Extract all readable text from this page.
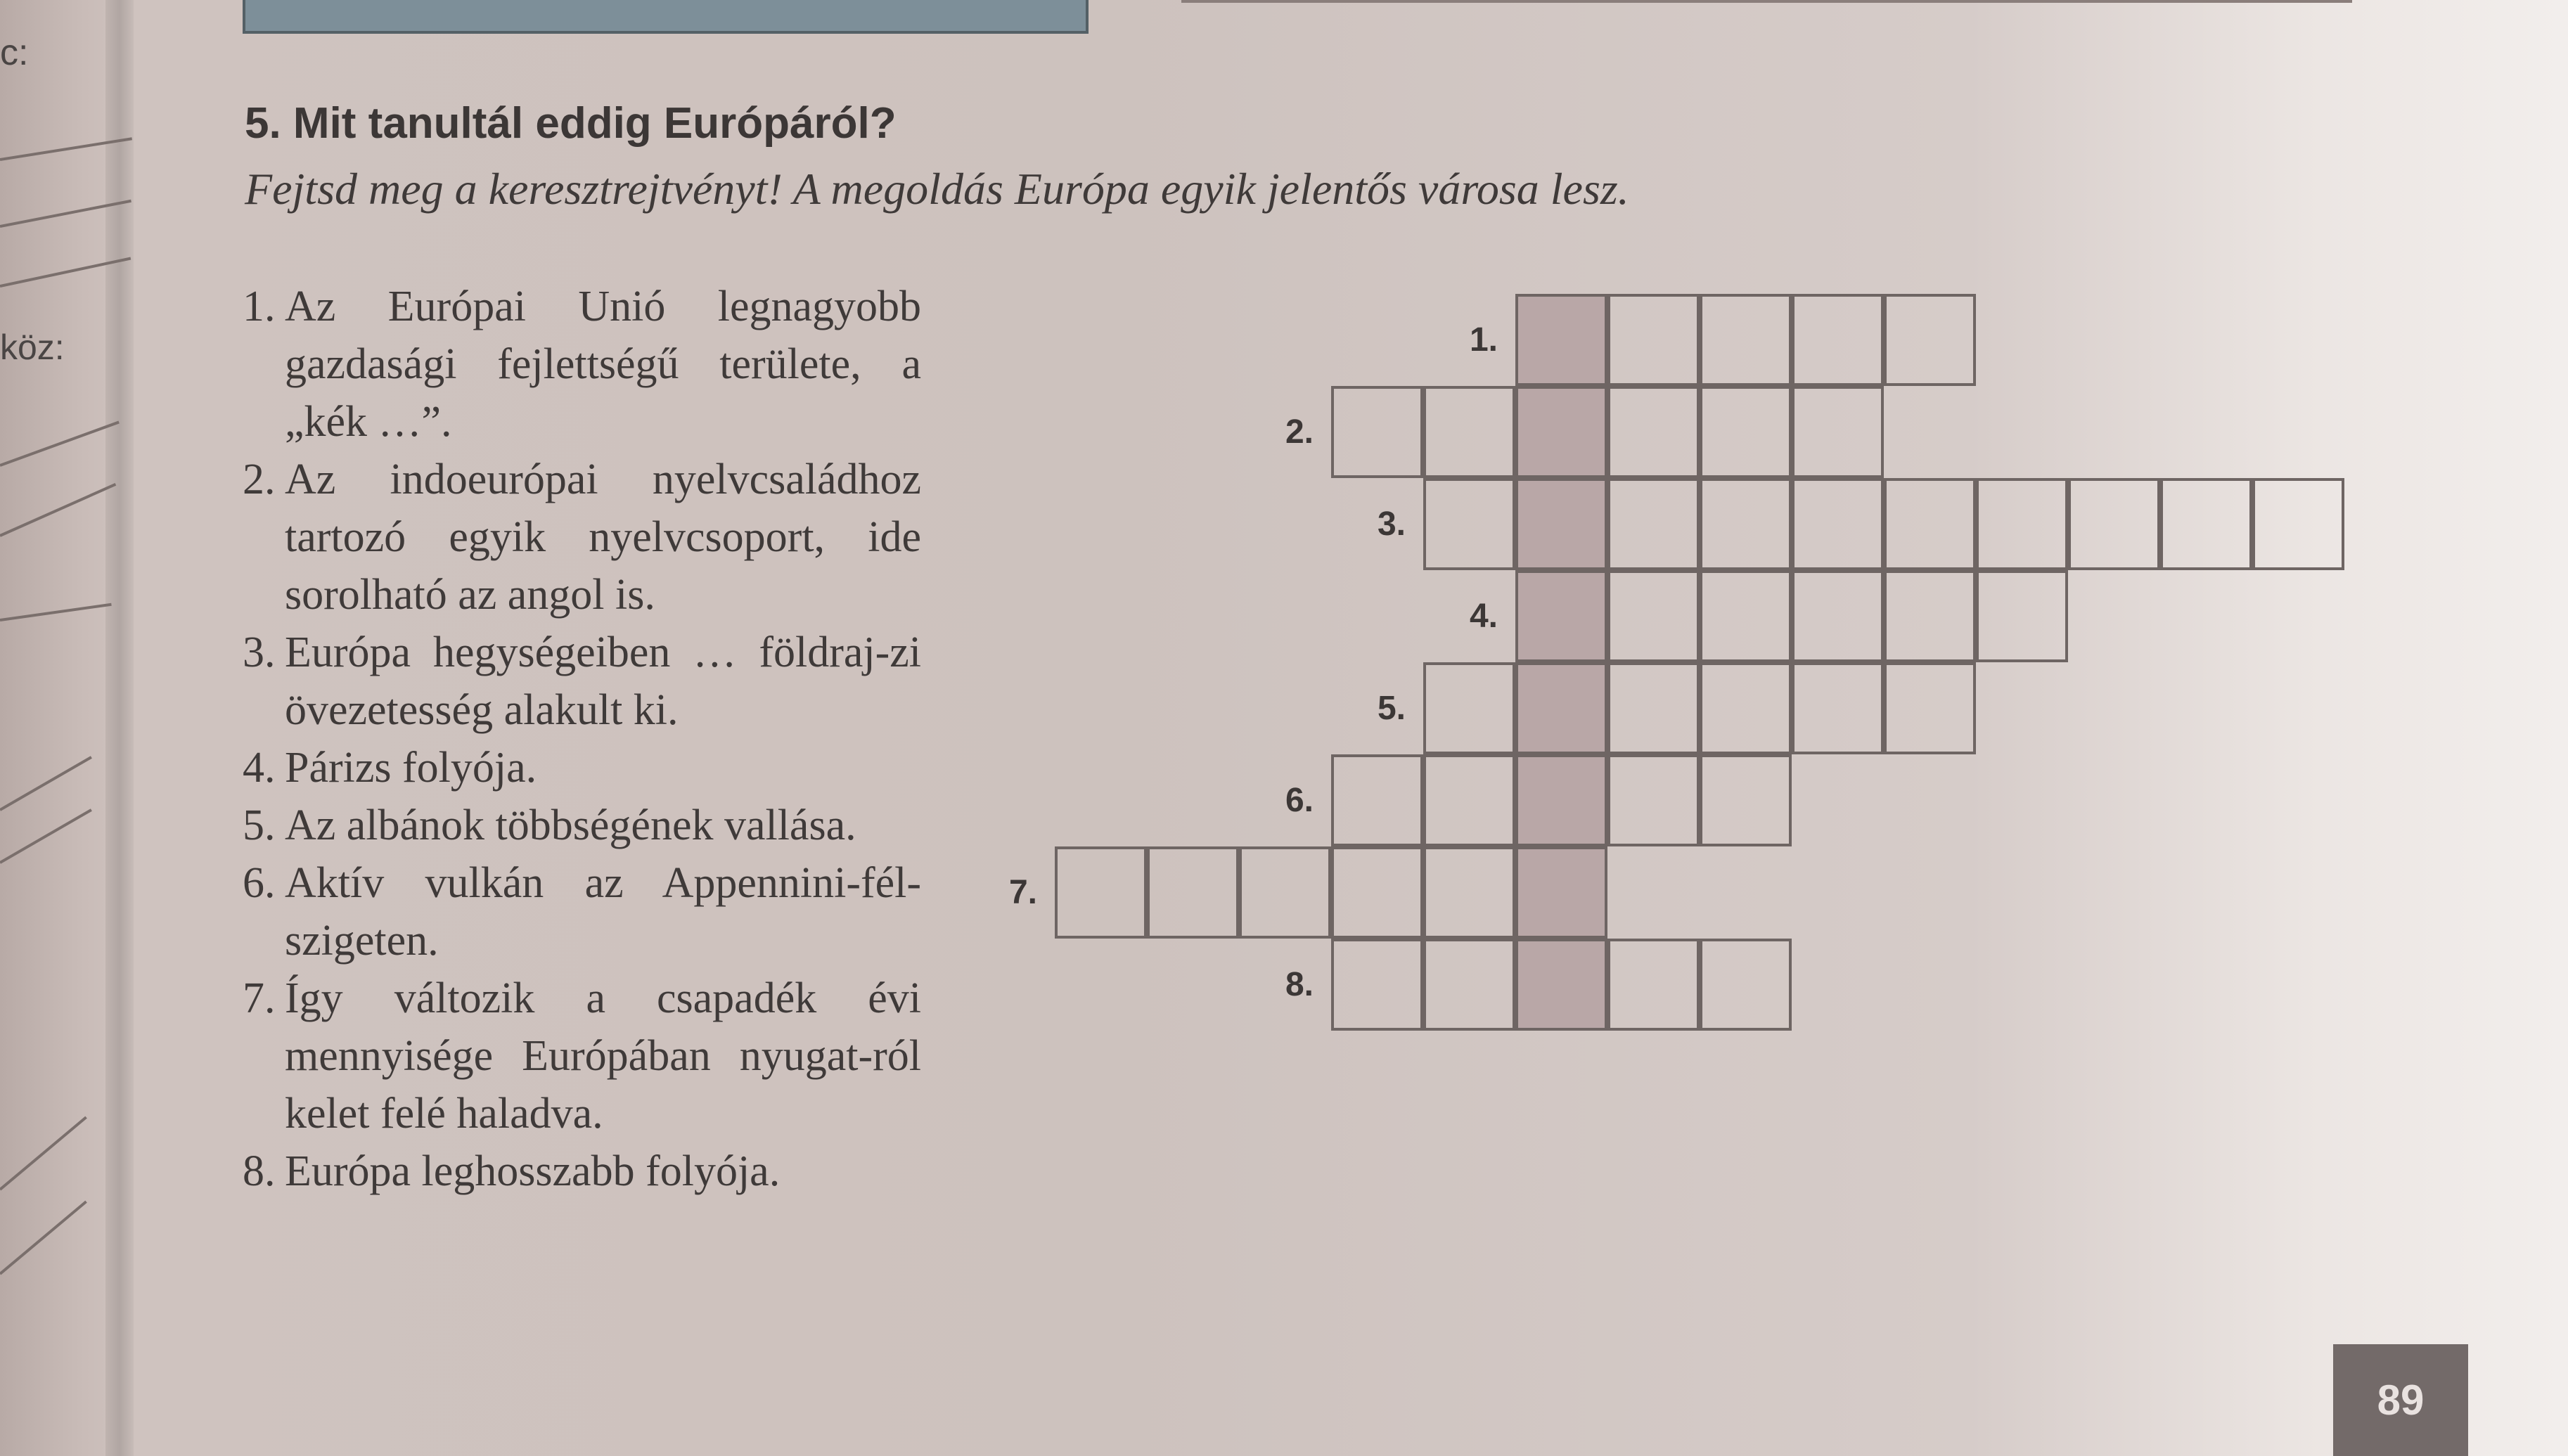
c:
köz:
5. Mit tanultál eddig Európáról?
Fejtsd meg a keresztrejtvényt! A megoldás Európa egyik jelentős városa lesz.
1. Az Európai Unió legnagyobb gazdasági fejlettségű területe, a „kék …”.
2. Az indoeurópai nyelvcsaládhoz tartozó egyik nyelvcsoport, ide sorolható az angol is.
3. Európa hegységeiben … földraj-zi övezetesség alakult ki.
4. Párizs folyója.
5. Az albánok többségének vallása.
6. Aktív vulkán az Appennini-fél-szigeten.
7. Így változik a csapadék évi mennyisége Európában nyugat-ról kelet felé haladva.
8. Európa leghosszabb folyója.
1.
2.
3.
4.
5.
6.
7.
8.
89
